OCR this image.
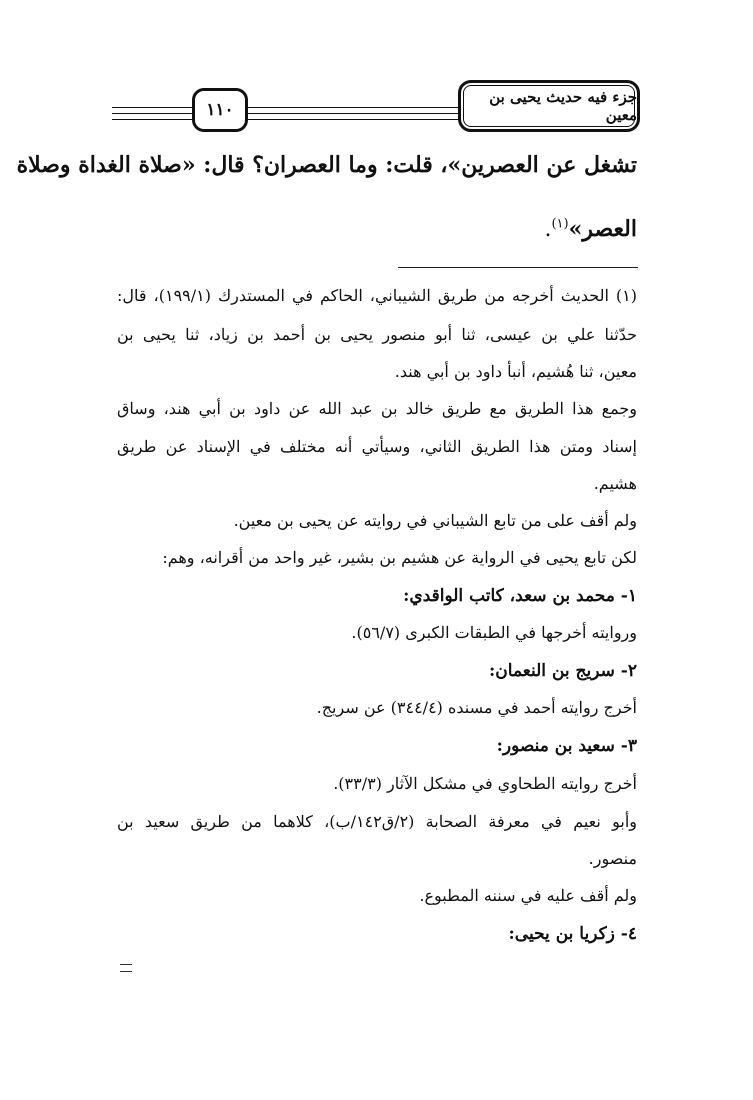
١١٠
جزء فيه حديث يحيى بن معين
تشغل عن العصرين»، قلت: وما العصران؟ قال: «صلاة الغداة وصلاة
العصر»$^{(١)}$.
(١) الحديث أخرجه من طريق الشيباني، الحاكم في المستدرك (١٩٩/١)، قال:
حدّثنا علي بن عيسى، ثنا أبو منصور يحيى بن أحمد بن زياد، ثنا يحيى بن
معين، ثنا هُشيم، أنبأ داود بن أبي هند.
وجمع هذا الطريق مع طريق خالد بن عبد الله عن داود بن أبي هند، وساق
إسناد ومتن هذا الطريق الثاني، وسيأتي أنه مختلف في الإسناد عن طريق
هشيم.
ولم أقف على من تابع الشيباني في روايته عن يحيى بن معين.
لكن تابع يحيى في الرواية عن هشيم بن بشير، غير واحد من أقرانه، وهم:
١- محمد بن سعد، كاتب الواقدي:
وروايته أخرجها في الطبقات الكبرى (٥٦/٧).
٢- سريج بن النعمان:
أخرج روايته أحمد في مسنده (٣٤٤/٤) عن سريج.
٣- سعيد بن منصور:
أخرج روايته الطحاوي في مشكل الآثار (٣٣/٣).
وأبو نعيم في معرفة الصحابة (٢/ق١٤٢/ب)، كلاهما من طريق سعيد بن
منصور.
ولم أقف عليه في سننه المطبوع.
٤- زكريا بن يحيى:
